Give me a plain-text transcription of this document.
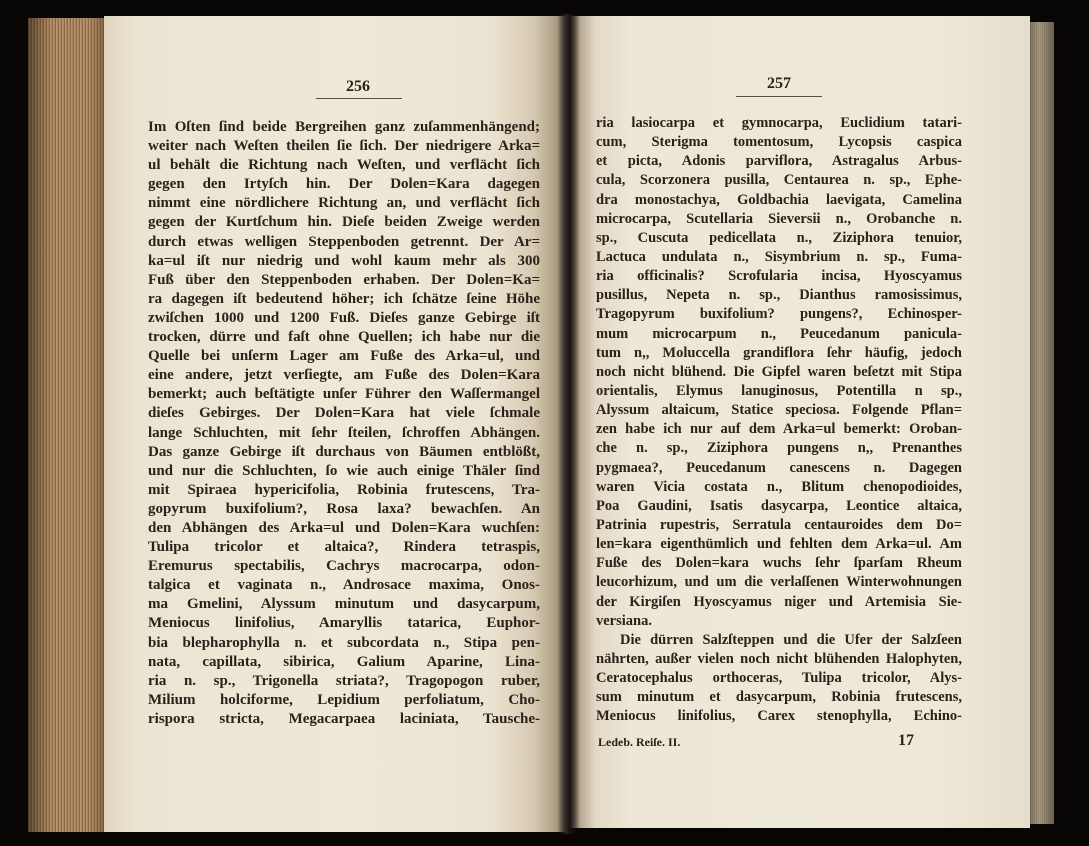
256
Im Oſten ſind beide Bergreihen ganz zuſammenhängend;
weiter nach Weſten theilen ſie ſich. Der niedrigere Arka=
ul behält die Richtung nach Weſten, und verflächt ſich
gegen den Irtyſch hin. Der Dolen=Kara dagegen
nimmt eine nördlichere Richtung an, und verflächt ſich
gegen der Kurtſchum hin. Dieſe beiden Zweige werden
durch etwas welligen Steppenboden getrennt. Der Ar=
ka=ul iſt nur niedrig und wohl kaum mehr als 300
Fuß über den Steppenboden erhaben. Der Dolen=Ka=
ra dagegen iſt bedeutend höher; ich ſchätze ſeine Höhe
zwiſchen 1000 und 1200 Fuß. Dieſes ganze Gebirge iſt
trocken, dürre und faſt ohne Quellen; ich habe nur die
Quelle bei unſerm Lager am Fuße des Arka=ul, und
eine andere, jetzt verſiegte, am Fuße des Dolen=Kara
bemerkt; auch beſtätigte unſer Führer den Waſſermangel
dieſes Gebirges. Der Dolen=Kara hat viele ſchmale
lange Schluchten, mit ſehr ſteilen, ſchroffen Abhängen.
Das ganze Gebirge iſt durchaus von Bäumen entblößt,
und nur die Schluchten, ſo wie auch einige Thäler ſind
mit Spiraea hypericifolia, Robinia frutescens, Tra-
gopyrum buxifolium?, Rosa laxa? bewachſen. An
den Abhängen des Arka=ul und Dolen=Kara wuchſen:
Tulipa tricolor et altaica?, Rindera tetraspis,
Eremurus spectabilis, Cachrys macrocarpa, odon-
talgica et vaginata n., Androsace maxima, Onos-
ma Gmelini, Alyssum minutum und dasycarpum,
Meniocus linifolius, Amaryllis tatarica, Euphor-
bia blepharophylla n. et subcordata n., Stipa pen-
nata, capillata, sibirica, Galium Aparine, Lina-
ria n. sp., Trigonella striata?, Tragopogon ruber,
Milium holciforme, Lepidium perfoliatum, Cho-
rispora stricta, Megacarpaea laciniata, Tausche-
257
ria lasiocarpa et gymnocarpa, Euclidium tatari-
cum, Sterigma tomentosum, Lycopsis caspica
et picta, Adonis parviflora, Astragalus Arbus-
cula, Scorzonera pusilla, Centaurea n. sp., Ephe-
dra monostachya, Goldbachia laevigata, Camelina
microcarpa, Scutellaria Sieversii n., Orobanche n.
sp., Cuscuta pedicellata n., Ziziphora tenuior,
Lactuca undulata n., Sisymbrium n. sp., Fuma-
ria officinalis? Scrofularia incisa, Hyoscyamus
pusillus, Nepeta n. sp., Dianthus ramosissimus,
Tragopyrum buxifolium? pungens?, Echinosper-
mum microcarpum n., Peucedanum panicula-
tum n,, Moluccella grandiflora ſehr häufig, jedoch
noch nicht blühend. Die Gipfel waren beſetzt mit Stipa
orientalis, Elymus lanuginosus, Potentilla n sp.,
Alyssum altaicum, Statice speciosa. Folgende Pflan=
zen habe ich nur auf dem Arka=ul bemerkt: Oroban-
che n. sp., Ziziphora pungens n,, Prenanthes
pygmaea?, Peucedanum canescens n. Dagegen
waren Vicia costata n., Blitum chenopodioides,
Poa Gaudini, Isatis dasycarpa, Leontice altaica,
Patrinia rupestris, Serratula centauroides dem Do=
len=kara eigenthümlich und fehlten dem Arka=ul. Am
Fuße des Dolen=kara wuchs ſehr ſparſam Rheum
leucorhizum, und um die verlaſſenen Winterwohnungen
der Kirgiſen Hyoscyamus niger und Artemisia Sie-
versiana.
Die dürren Salzſteppen und die Ufer der Salzſeen
nährten, außer vielen noch nicht blühenden Halophyten,
Ceratocephalus orthoceras, Tulipa tricolor, Alys-
sum minutum et dasycarpum, Robinia frutescens,
Meniocus linifolius, Carex stenophylla, Echino-
Ledeb. Reiſe. II.	17
